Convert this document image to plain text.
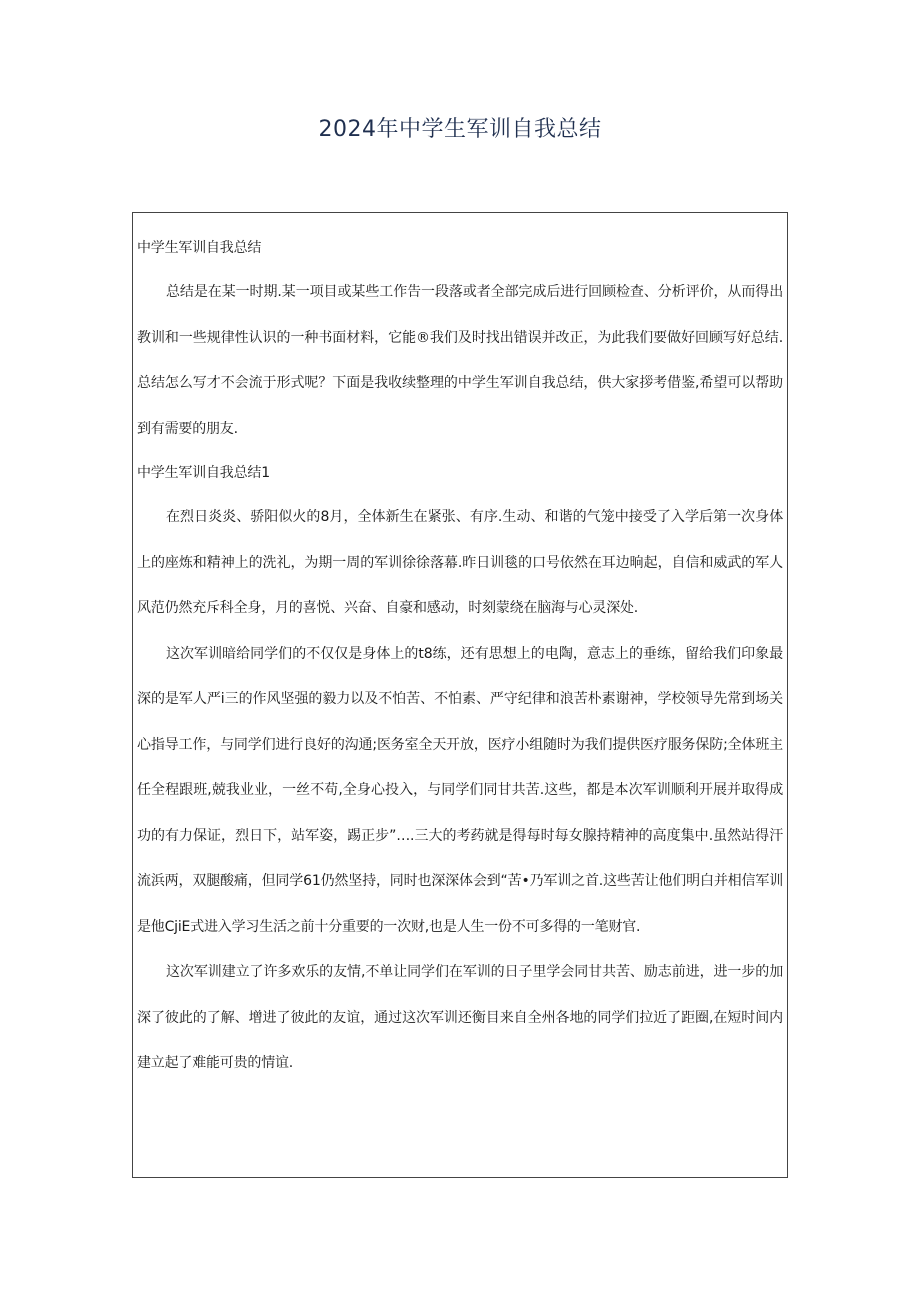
2024年中学生军训自我总结

中学生军训自我总结

总结是在某一时期.某一项目或某些工作告一段落或者全部完成后进行回顾检查、分析评价，从而得出教训和一些规律性认识的一种书面材料，它能®我们及时找出错误并改正，为此我们要做好回顾写好总结.总结怎么写才不会流于形式呢？下面是我收续整理的中学生军训自我总结，供大家拶考借鉴,希望可以帮助到有需要的朋友.

中学生军训自我总结1

在烈日炎炎、骄阳似火的8月，全体新生在紧张、有序.生动、和谐的气笼中接受了入学后第一次身体上的座炼和精神上的洗礼，为期一周的军训徐徐落幕.昨日训毯的口号依然在耳边晌起，自信和威武的军人风范仍然充斥科全身，月的喜悦、兴奋、自豪和感动，时刻蒙绕在脑海与心灵深处.

这次军训暗给同学们的不仅仅是身体上的t8练，还有思想上的电陶，意志上的垂练，留给我们印象最深的是军人严i三的作风坚强的毅力以及不怕苦、不怕素、严守纪律和浪苦朴素谢神，学校领导先常到场关心指导工作，与同学们进行良好的沟通;医务室全天开放，医疗小组随时为我们提供医疗服务保防;全体班主任全程跟班,兢我业业，一丝不苟,全身心投入，与同学们同甘共苦.这些，都是本次军训顺利开展并取得成功的有力保证，烈日下，站军姿，踢正步”….三大的考药就是得每时每女腺持精神的高度集中.虽然站得汗流浜两，双腿酸痛，但同学61仍然坚持，同时也深深体会到“苦•乃军训之首.这些苦让他们明白并相信军训是他CjiE式进入学习生活之前十分重要的一次财,也是人生一份不可多得的一笔财官.

这次军训建立了许多欢乐的友情,不单让同学们在军训的日子里学会同甘共苦、励志前进，进一步的加深了彼此的了解、增进了彼此的友谊，通过这次军训还衡目来自全州各地的同学们拉近了距圈,在短时间内建立起了难能可贵的情谊.
